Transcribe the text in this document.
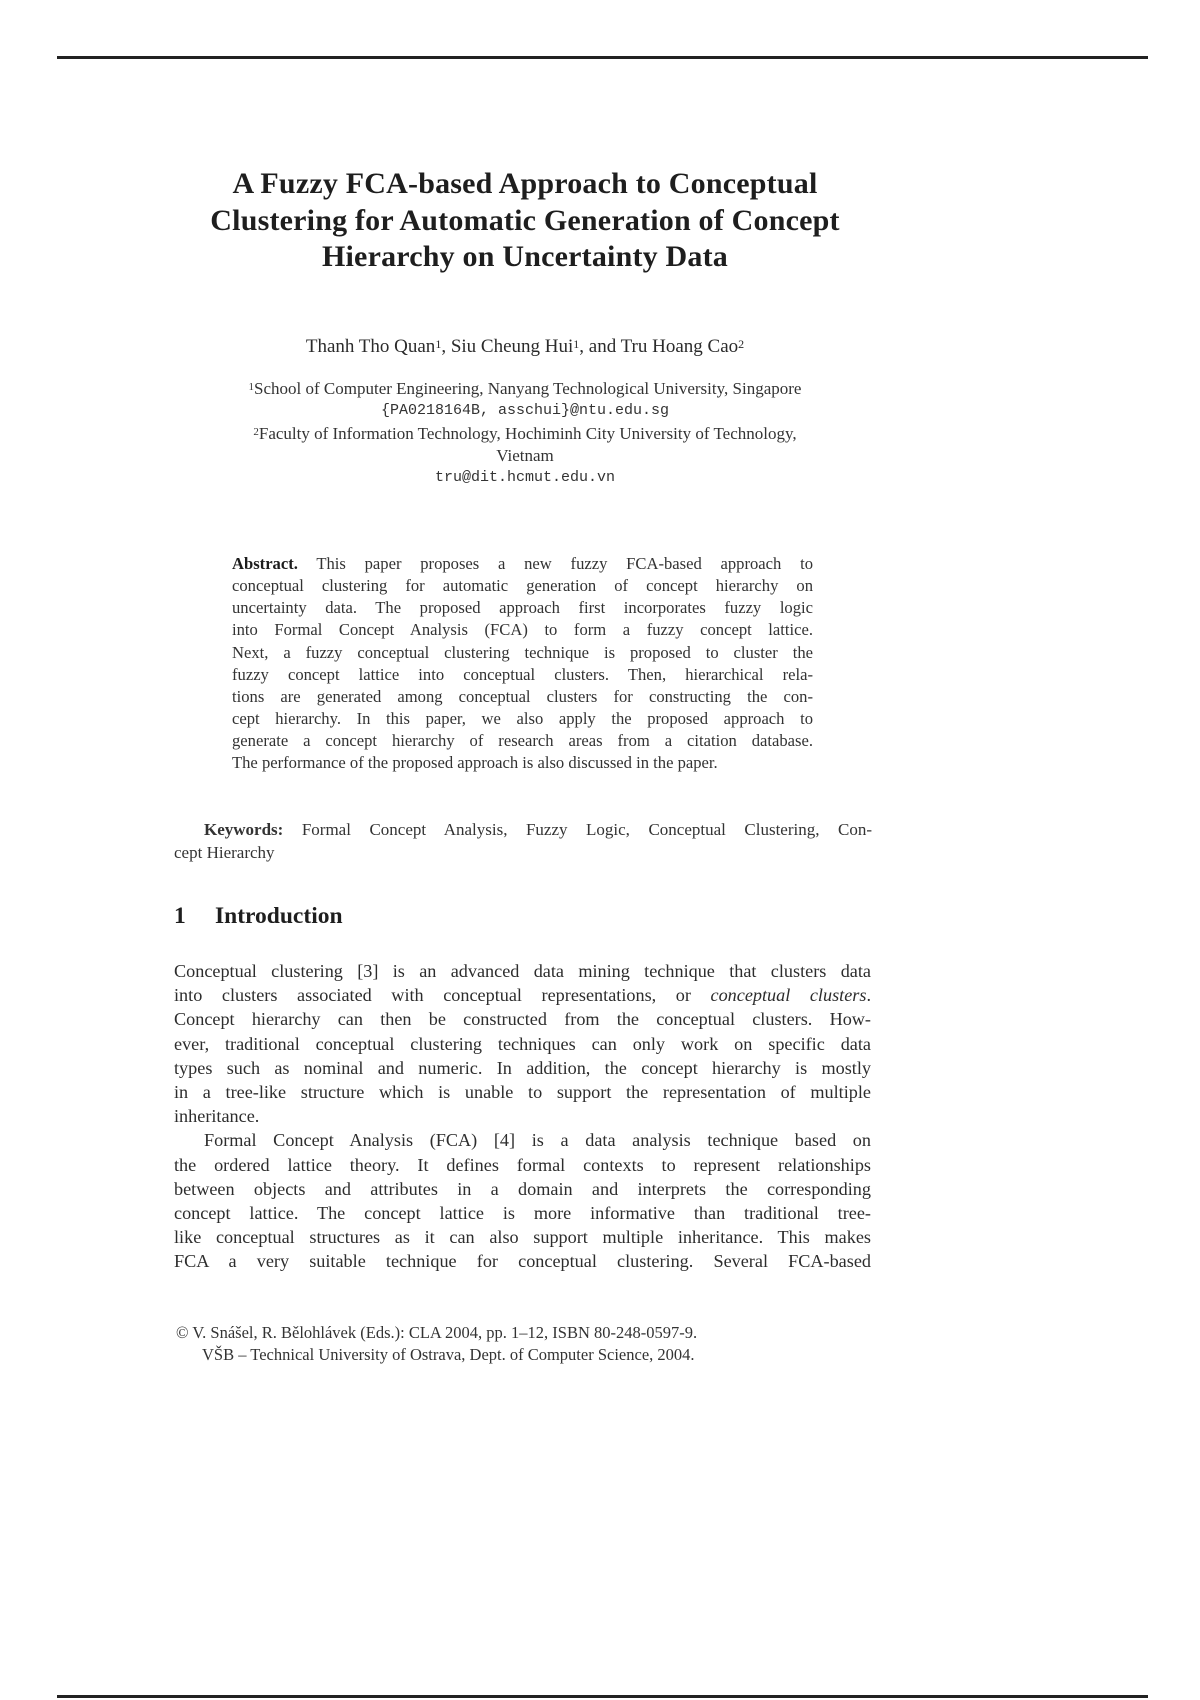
A Fuzzy FCA-based Approach to Conceptual
Clustering for Automatic Generation of Concept
Hierarchy on Uncertainty Data
Thanh Tho Quan$^1$, Siu Cheung Hui$^1$, and Tru Hoang Cao$^2$
$^1$School of Computer Engineering, Nanyang Technological University, Singapore
{PA0218164B, asschui}@ntu.edu.sg
$^2$Faculty of Information Technology, Hochiminh City University of Technology,
Vietnam
tru@dit.hcmut.edu.vn
Abstract. This paper proposes a new fuzzy FCA-based approach to
conceptual clustering for automatic generation of concept hierarchy on
uncertainty data. The proposed approach first incorporates fuzzy logic
into Formal Concept Analysis (FCA) to form a fuzzy concept lattice.
Next, a fuzzy conceptual clustering technique is proposed to cluster the
fuzzy concept lattice into conceptual clusters. Then, hierarchical rela-
tions are generated among conceptual clusters for constructing the con-
cept hierarchy. In this paper, we also apply the proposed approach to
generate a concept hierarchy of research areas from a citation database.
The performance of the proposed approach is also discussed in the paper.
Keywords: Formal Concept Analysis, Fuzzy Logic, Conceptual Clustering, Con-
cept Hierarchy
1 Introduction
Conceptual clustering [3] is an advanced data mining technique that clusters data
into clusters associated with conceptual representations, or conceptual clusters.
Concept hierarchy can then be constructed from the conceptual clusters. How-
ever, traditional conceptual clustering techniques can only work on specific data
types such as nominal and numeric. In addition, the concept hierarchy is mostly
in a tree-like structure which is unable to support the representation of multiple
inheritance.
Formal Concept Analysis (FCA) [4] is a data analysis technique based on
the ordered lattice theory. It defines formal contexts to represent relationships
between objects and attributes in a domain and interprets the corresponding
concept lattice. The concept lattice is more informative than traditional tree-
like conceptual structures as it can also support multiple inheritance. This makes
FCA a very suitable technique for conceptual clustering. Several FCA-based
© V. Snášel, R. Bělohlávek (Eds.): CLA 2004, pp. 1–12, ISBN 80-248-0597-9.
VŠB – Technical University of Ostrava, Dept. of Computer Science, 2004.
